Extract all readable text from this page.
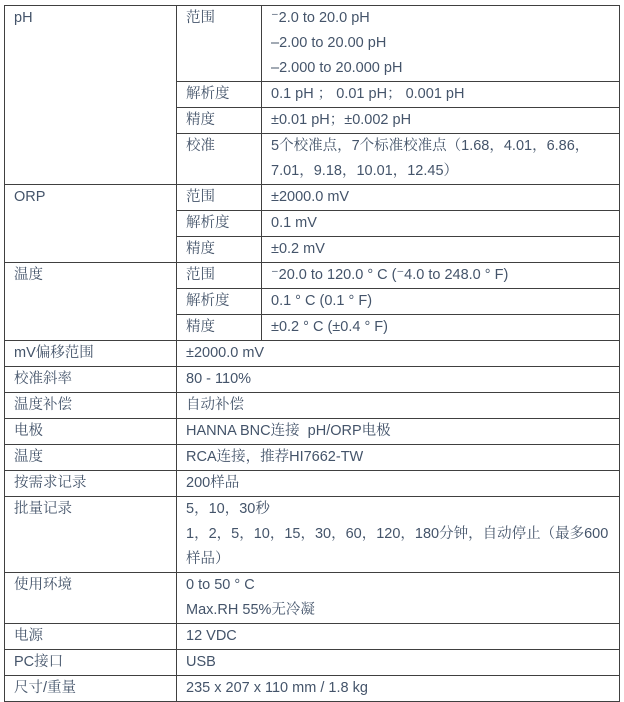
pH	范围	⁻2.0 to 20.0 pH
–2.00 to 20.00 pH
–2.000 to 20.000 pH

	解析度	0.1 pH ； 0.01 pH； 0.001 pH

	精度	±0.01 pH；±0.002 pH

	校准	5个校准点，7个标准校准点（1.68，4.01，6.86，7.01，9.18，10.01，12.45）

ORP	范围	±2000.0 mV

	解析度	0.1 mV

	精度	±0.2 mV

温度	范围	⁻20.0 to 120.0 ° C (⁻4.0 to 248.0 ° F)

	解析度	0.1 ° C (0.1 ° F)

	精度	±0.2 ° C (±0.4 ° F)

mV偏移范围	±2000.0 mV	

校准斜率	80 - 110%	

温度补偿	自动补偿	

电极	HANNA BNC连接  pH/ORP电极	

温度	RCA连接，推荐HI7662-TW	

按需求记录	200样品	

批量记录	5，10，30秒
1，2，5，10，15，30，60，120，180分钟，自动停止（最多600样品）	

使用环境	0 to 50 ° C
Max.RH 55%无冷凝	

电源	12 VDC	

PC接口	USB	

尺寸/重量	235 x 207 x 110 mm / 1.8 kg	
